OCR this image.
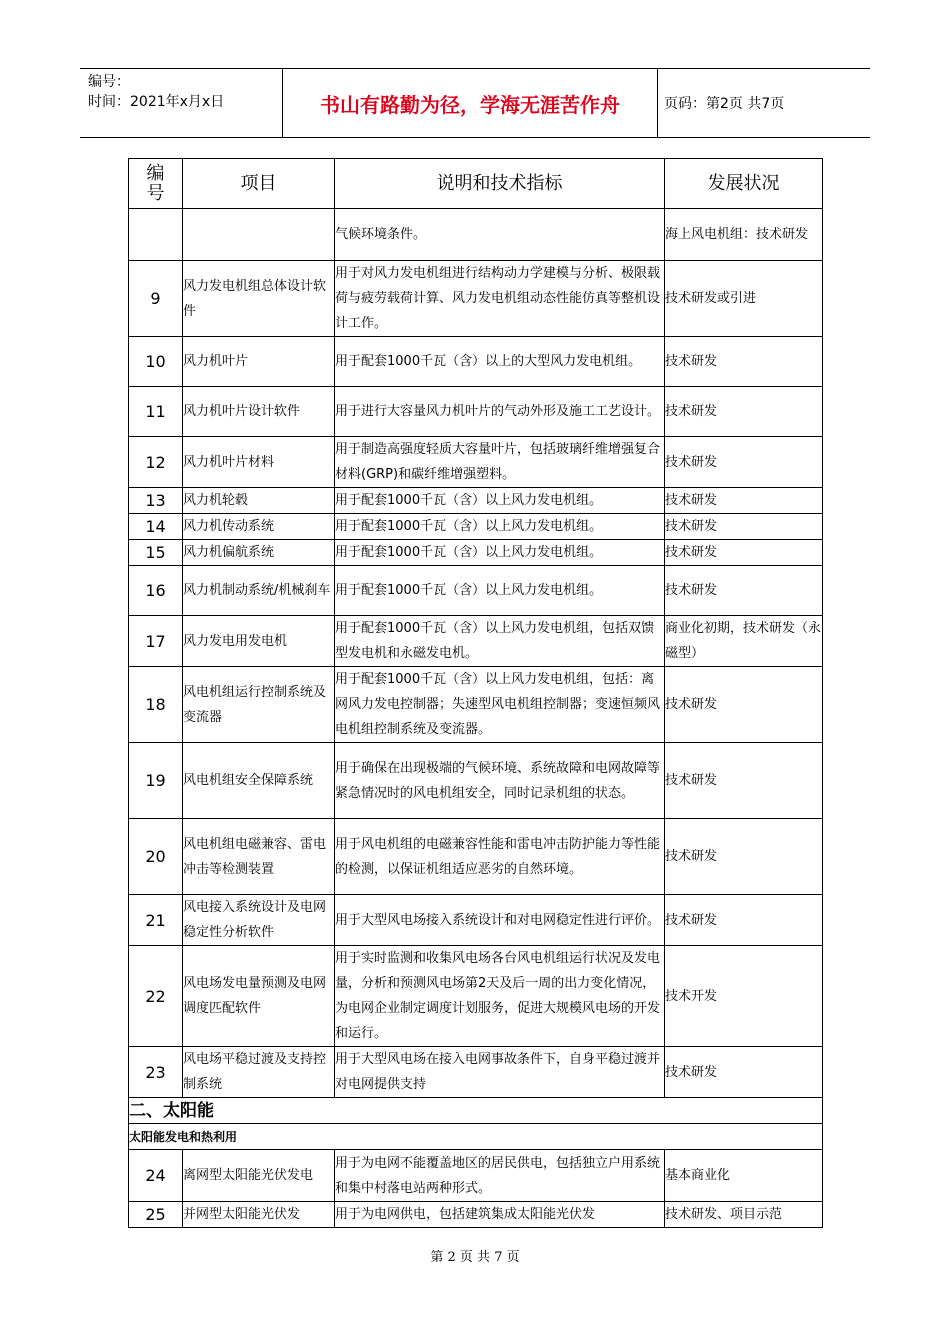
编号：
时间：2021年x月x日	书山有路勤为径，学海无涯苦作舟	页码：第2页 共7页
编
号	项目	说明和技术指标	发展状况
		气候环境条件。	海上风电机组：技术研发
9	风力发电机组总体设计软件	用于对风力发电机组进行结构动力学建模与分析、极限载荷与疲劳载荷计算、风力发电机组动态性能仿真等整机设计工作。	技术研发或引进
10	风力机叶片	用于配套1000千瓦（含）以上的大型风力发电机组。	技术研发
11	风力机叶片设计软件	用于进行大容量风力机叶片的气动外形及施工工艺设计。	技术研发
12	风力机叶片材料	用于制造高强度轻质大容量叶片，包括玻璃纤维增强复合材料(GRP)和碳纤维增强塑料。	技术研发
13	风力机轮毂	用于配套1000千瓦（含）以上风力发电机组。	技术研发
14	风力机传动系统	用于配套1000千瓦（含）以上风力发电机组。	技术研发
15	风力机偏航系统	用于配套1000千瓦（含）以上风力发电机组。	技术研发
16	风力机制动系统/机械刹车	用于配套1000千瓦（含）以上风力发电机组。	技术研发
17	风力发电用发电机	用于配套1000千瓦（含）以上风力发电机组，包括双馈型发电机和永磁发电机。	商业化初期，技术研发（永磁型）
18	风电机组运行控制系统及变流器	用于配套1000千瓦（含）以上风力发电机组，包括：离网风力发电控制器；失速型风电机组控制器；变速恒频风电机组控制系统及变流器。	技术研发
19	风电机组安全保障系统	用于确保在出现极端的气候环境、系统故障和电网故障等紧急情况时的风电机组安全，同时记录机组的状态。	技术研发
20	风电机组电磁兼容、雷电冲击等检测装置	用于风电机组的电磁兼容性能和雷电冲击防护能力等性能的检测，以保证机组适应恶劣的自然环境。	技术研发
21	风电接入系统设计及电网稳定性分析软件	用于大型风电场接入系统设计和对电网稳定性进行评价。	技术研发
22	风电场发电量预测及电网调度匹配软件	用于实时监测和收集风电场各台风电机组运行状况及发电量，分析和预测风电场第2天及后一周的出力变化情况，为电网企业制定调度计划服务，促进大规模风电场的开发和运行。	技术开发
23	风电场平稳过渡及支持控制系统	用于大型风电场在接入电网事故条件下，自身平稳过渡并对电网提供支持	技术研发
二、太阳能			
太阳能发电和热利用			
24	离网型太阳能光伏发电	用于为电网不能覆盖地区的居民供电，包括独立户用系统和集中村落电站两种形式。	基本商业化
25	并网型太阳能光伏发	用于为电网供电，包括建筑集成太阳能光伏发	技术研发、项目示范
第 2 页 共 7 页
